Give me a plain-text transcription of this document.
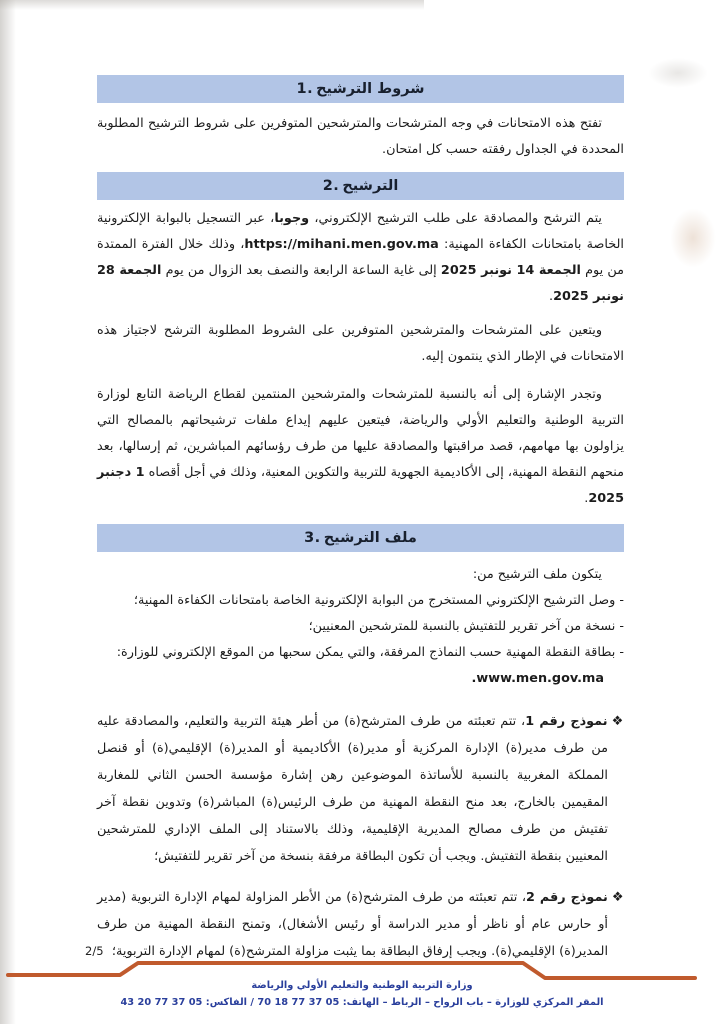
1. شروط الترشيح

تفتح هذه الامتحانات في وجه المترشحات والمترشحين المتوفرين على شروط الترشيح المطلوبة المحددة في الجداول رفقته حسب كل امتحان.

2. الترشيح

يتم الترشح والمصادقة على طلب الترشيح الإلكتروني، وجوبا، عبر التسجيل بالبوابة الإلكترونية الخاصة بامتحانات الكفاءة المهنية: https://mihani.men.gov.ma، وذلك خلال الفترة الممتدة من يوم الجمعة 14 نونبر 2025 إلى غاية الساعة الرابعة والنصف بعد الزوال من يوم الجمعة 28 نونبر 2025.

ويتعين على المترشحات والمترشحين المتوفرين على الشروط المطلوبة الترشح لاجتياز هذه الامتحانات في الإطار الذي ينتمون إليه.

وتجدر الإشارة إلى أنه بالنسبة للمترشحات والمترشحين المنتمين لقطاع الرياضة التابع لوزارة التربية الوطنية والتعليم الأولي والرياضة، فيتعين عليهم إيداع ملفات ترشيحاتهم بالمصالح التي يزاولون بها مهامهم، قصد مراقبتها والمصادقة عليها من طرف رؤسائهم المباشرين، ثم إرسالها، بعد منحهم النقطة المهنية، إلى الأكاديمية الجهوية للتربية والتكوين المعنية، وذلك في أجل أقصاه 1 دجنبر 2025.

3. ملف الترشيح

يتكون ملف الترشيح من:

- وصل الترشيح الإلكتروني المستخرج من البوابة الإلكترونية الخاصة بامتحانات الكفاءة المهنية؛

- نسخة من آخر تقرير للتفتيش بالنسبة للمترشحين المعنيين؛

- بطاقة النقطة المهنية حسب النماذج المرفقة، والتي يمكن سحبها من الموقع الإلكتروني للوزارة:

www.men.gov.ma.

❖نموذج رقم 1، تتم تعبئته من طرف المترشح(ة) من أطر هيئة التربية والتعليم، والمصادقة عليه من طرف مدير(ة) الإدارة المركزية أو مدير(ة) الأكاديمية أو المدير(ة) الإقليمي(ة) أو قنصل المملكة المغربية بالنسبة للأساتذة الموضوعين رهن إشارة مؤسسة الحسن الثاني للمغاربة المقيمين بالخارج، بعد منح النقطة المهنية من طرف الرئيس(ة) المباشر(ة) وتدوين نقطة آخر تفتيش من طرف مصالح المديرية الإقليمية، وذلك بالاستناد إلى الملف الإداري للمترشحين المعنيين بنقطة التفتيش. ويجب أن تكون البطاقة مرفقة بنسخة من آخر تقرير للتفتيش؛

❖نموذج رقم 2، تتم تعبئته من طرف المترشح(ة) من الأطر المزاولة لمهام الإدارة التربوية (مدير أو حارس عام أو ناظر أو مدير الدراسة أو رئيس الأشغال)، وتمنح النقطة المهنية من طرف المدير(ة) الإقليمي(ة). ويجب إرفاق البطاقة بما يثبت مزاولة المترشح(ة) لمهام الإدارة التربوية؛

2/5
وزارة التربية الوطنية والتعليم الأولي والرياضة
المقر المركزي للوزارة – باب الرواح – الرباط – الهاتف: 05 37 77 18 70 / الفاكس: 05 37 77 20 43
